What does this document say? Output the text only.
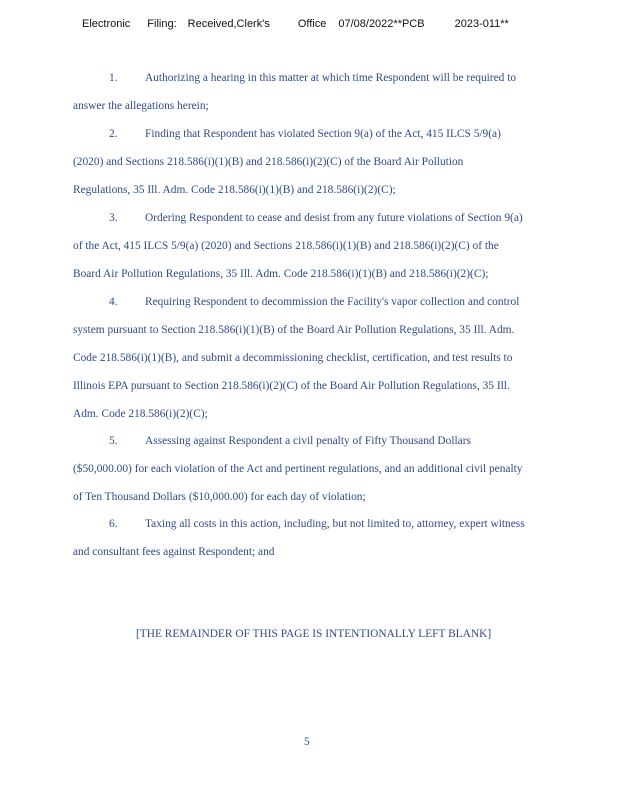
Electronic Filing: Received,Clerk's	Office 07/08/2022**PCB	2023-011**
1. Authorizing a hearing in this matter at which time Respondent will be required to
answer the allegations herein;
2. Finding that Respondent has violated Section 9(a) of the Act, 415 ILCS 5/9(a)
(2020) and Sections 218.586(i)(1)(B) and 218.586(i)(2)(C) of the Board Air Pollution
Regulations, 35 Ill. Adm. Code 218.586(i)(1)(B) and 218.586(i)(2)(C);
3. Ordering Respondent to cease and desist from any future violations of Section 9(a)
of the Act, 415 ILCS 5/9(a) (2020) and Sections 218.586(i)(1)(B) and 218.586(i)(2)(C) of the
Board Air Pollution Regulations, 35 Ill. Adm. Code 218.586(i)(1)(B) and 218.586(i)(2)(C);
4. Requiring Respondent to decommission the Facility's vapor collection and control
system pursuant to Section 218.586(i)(1)(B) of the Board Air Pollution Regulations, 35 Ill. Adm.
Code 218.586(i)(1)(B), and submit a decommissioning checklist, certification, and test results to
Illinois EPA pursuant to Section 218.586(i)(2)(C) of the Board Air Pollution Regulations, 35 Ill.
Adm. Code 218.586(i)(2)(C);
5. Assessing against Respondent a civil penalty of Fifty Thousand Dollars
($50,000.00) for each violation of the Act and pertinent regulations, and an additional civil penalty
of Ten Thousand Dollars ($10,000.00) for each day of violation;
6. Taxing all costs in this action, including, but not limited to, attorney, expert witness
and consultant fees against Respondent; and
[THE REMAINDER OF THIS PAGE IS INTENTIONALLY LEFT BLANK]
5
